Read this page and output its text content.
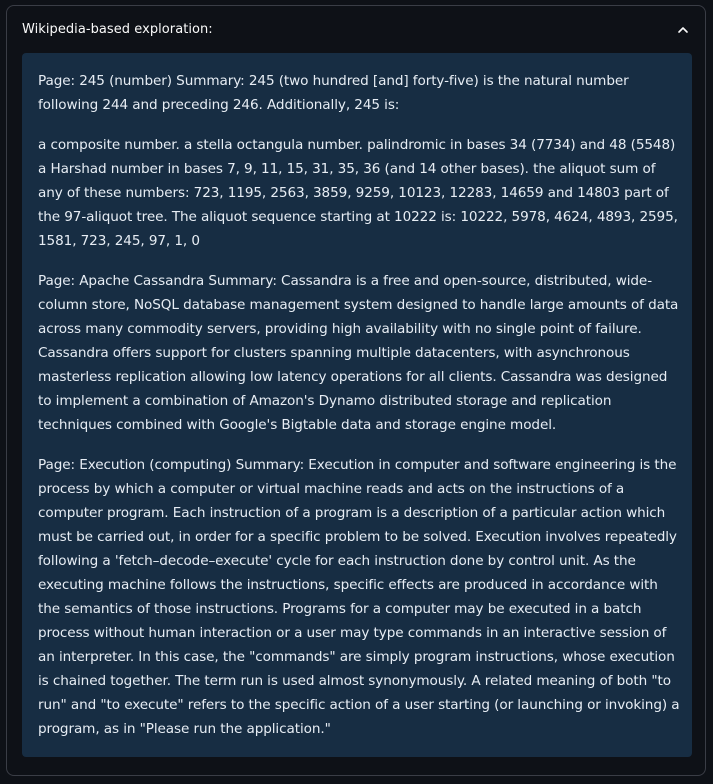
Wikipedia-based exploration:

Page: 245 (number) Summary: 245 (two hundred [and] forty-five) is the natural number following 244 and preceding 246. Additionally, 245 is:

a composite number. a stella octangula number. palindromic in bases 34 (7734) and 48 (5548) a Harshad number in bases 7, 9, 11, 15, 31, 35, 36 (and 14 other bases). the aliquot sum of any of these numbers: 723, 1195, 2563, 3859, 9259, 10123, 12283, 14659 and 14803 part of the 97-aliquot tree. The aliquot sequence starting at 10222 is: 10222, 5978, 4624, 4893, 2595, 1581, 723, 245, 97, 1, 0

Page: Apache Cassandra Summary: Cassandra is a free and open-source, distributed, wide-column store, NoSQL database management system designed to handle large amounts of data across many commodity servers, providing high availability with no single point of failure. Cassandra offers support for clusters spanning multiple datacenters, with asynchronous masterless replication allowing low latency operations for all clients. Cassandra was designed to implement a combination of Amazon's Dynamo distributed storage and replication techniques combined with Google's Bigtable data and storage engine model.

Page: Execution (computing) Summary: Execution in computer and software engineering is the process by which a computer or virtual machine reads and acts on the instructions of a computer program. Each instruction of a program is a description of a particular action which must be carried out, in order for a specific problem to be solved. Execution involves repeatedly following a 'fetch–decode–execute' cycle for each instruction done by control unit. As the executing machine follows the instructions, specific effects are produced in accordance with the semantics of those instructions. Programs for a computer may be executed in a batch process without human interaction or a user may type commands in an interactive session of an interpreter. In this case, the "commands" are simply program instructions, whose execution is chained together. The term run is used almost synonymously. A related meaning of both "to run" and "to execute" refers to the specific action of a user starting (or launching or invoking) a program, as in "Please run the application."
